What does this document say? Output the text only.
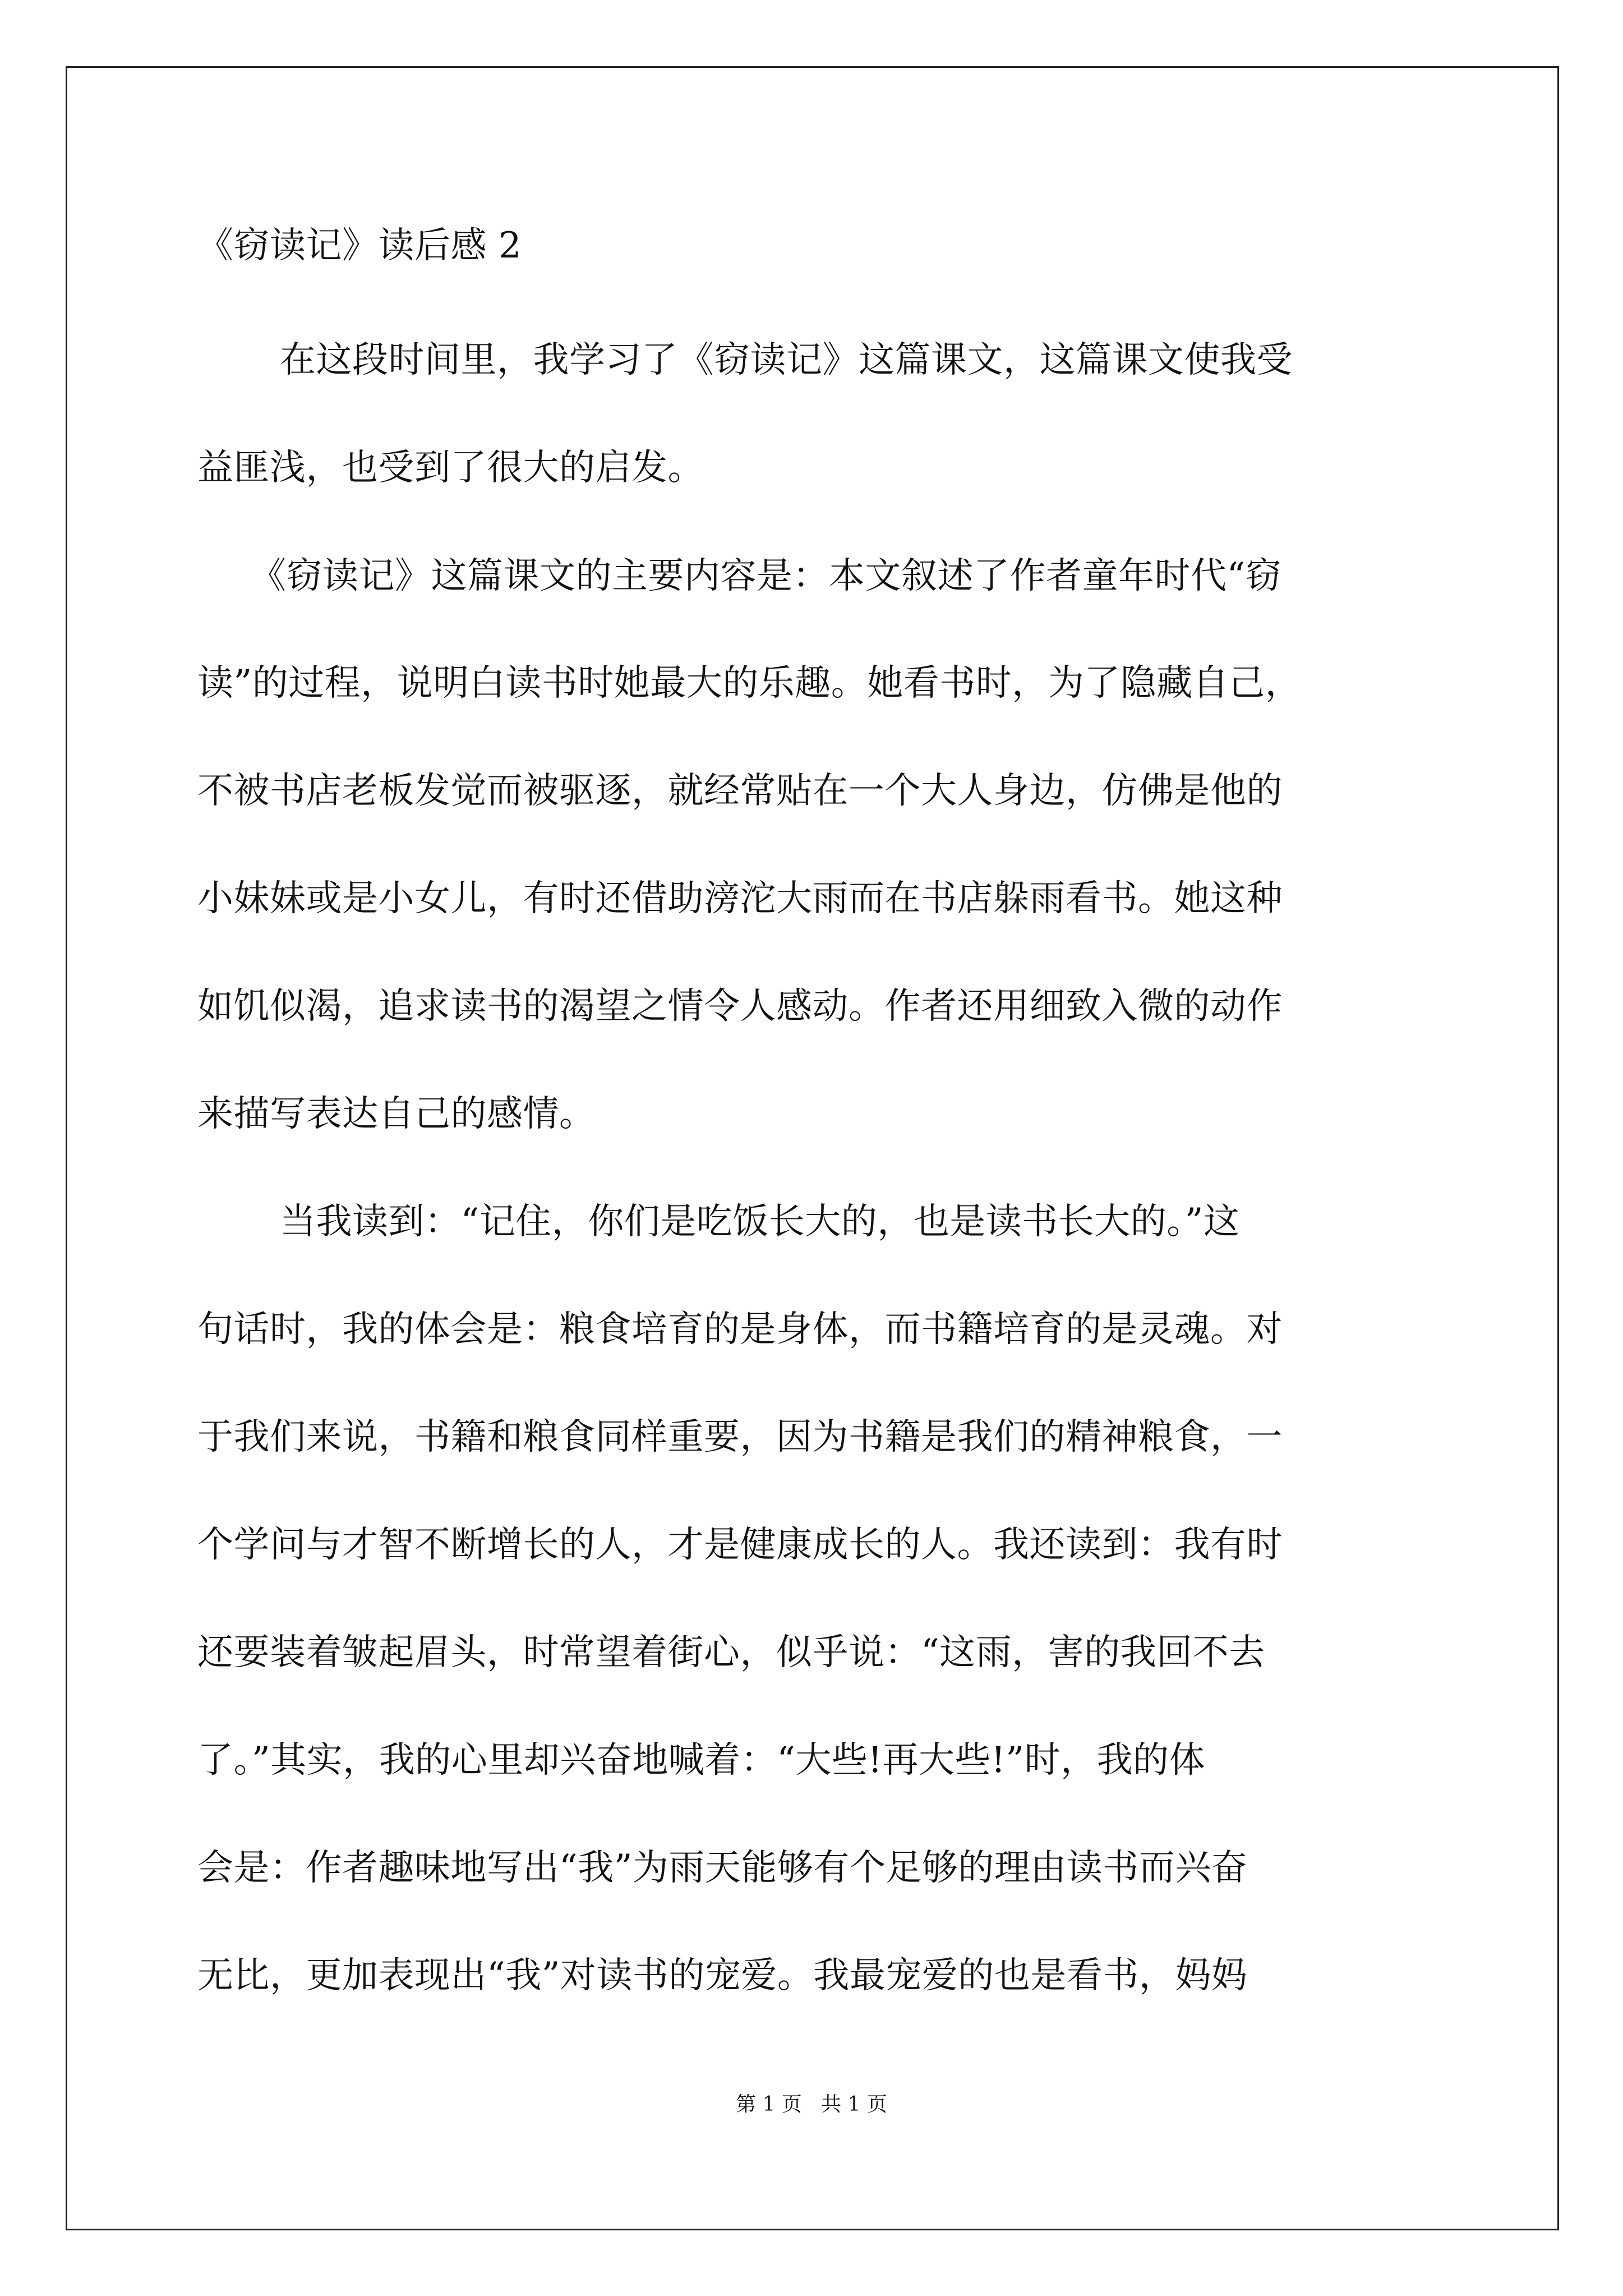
《窃读记》读后感 2
在这段时间里，我学习了《窃读记》这篇课文，这篇课文使我受
益匪浅，也受到了很大的启发。
《窃读记》这篇课文的主要内容是：本文叙述了作者童年时代“窃
读”的过程，说明白读书时她最大的乐趣。她看书时，为了隐藏自己，
不被书店老板发觉而被驱逐，就经常贴在一个大人身边，仿佛是他的
小妹妹或是小女儿，有时还借助滂沱大雨而在书店躲雨看书。她这种
如饥似渴，追求读书的渴望之情令人感动。作者还用细致入微的动作
来描写表达自己的感情。
当我读到：“记住，你们是吃饭长大的，也是读书长大的。”这
句话时，我的体会是：粮食培育的是身体，而书籍培育的是灵魂。对
于我们来说，书籍和粮食同样重要，因为书籍是我们的精神粮食，一
个学问与才智不断增长的人，才是健康成长的人。我还读到：我有时
还要装着皱起眉头，时常望着街心，似乎说：“这雨，害的我回不去
了。”其实，我的心里却兴奋地喊着：“大些!再大些!”时，我的体
会是：作者趣味地写出“我”为雨天能够有个足够的理由读书而兴奋
无比，更加表现出“我”对读书的宠爱。我最宠爱的也是看书，妈妈
第 1 页   共 1 页
